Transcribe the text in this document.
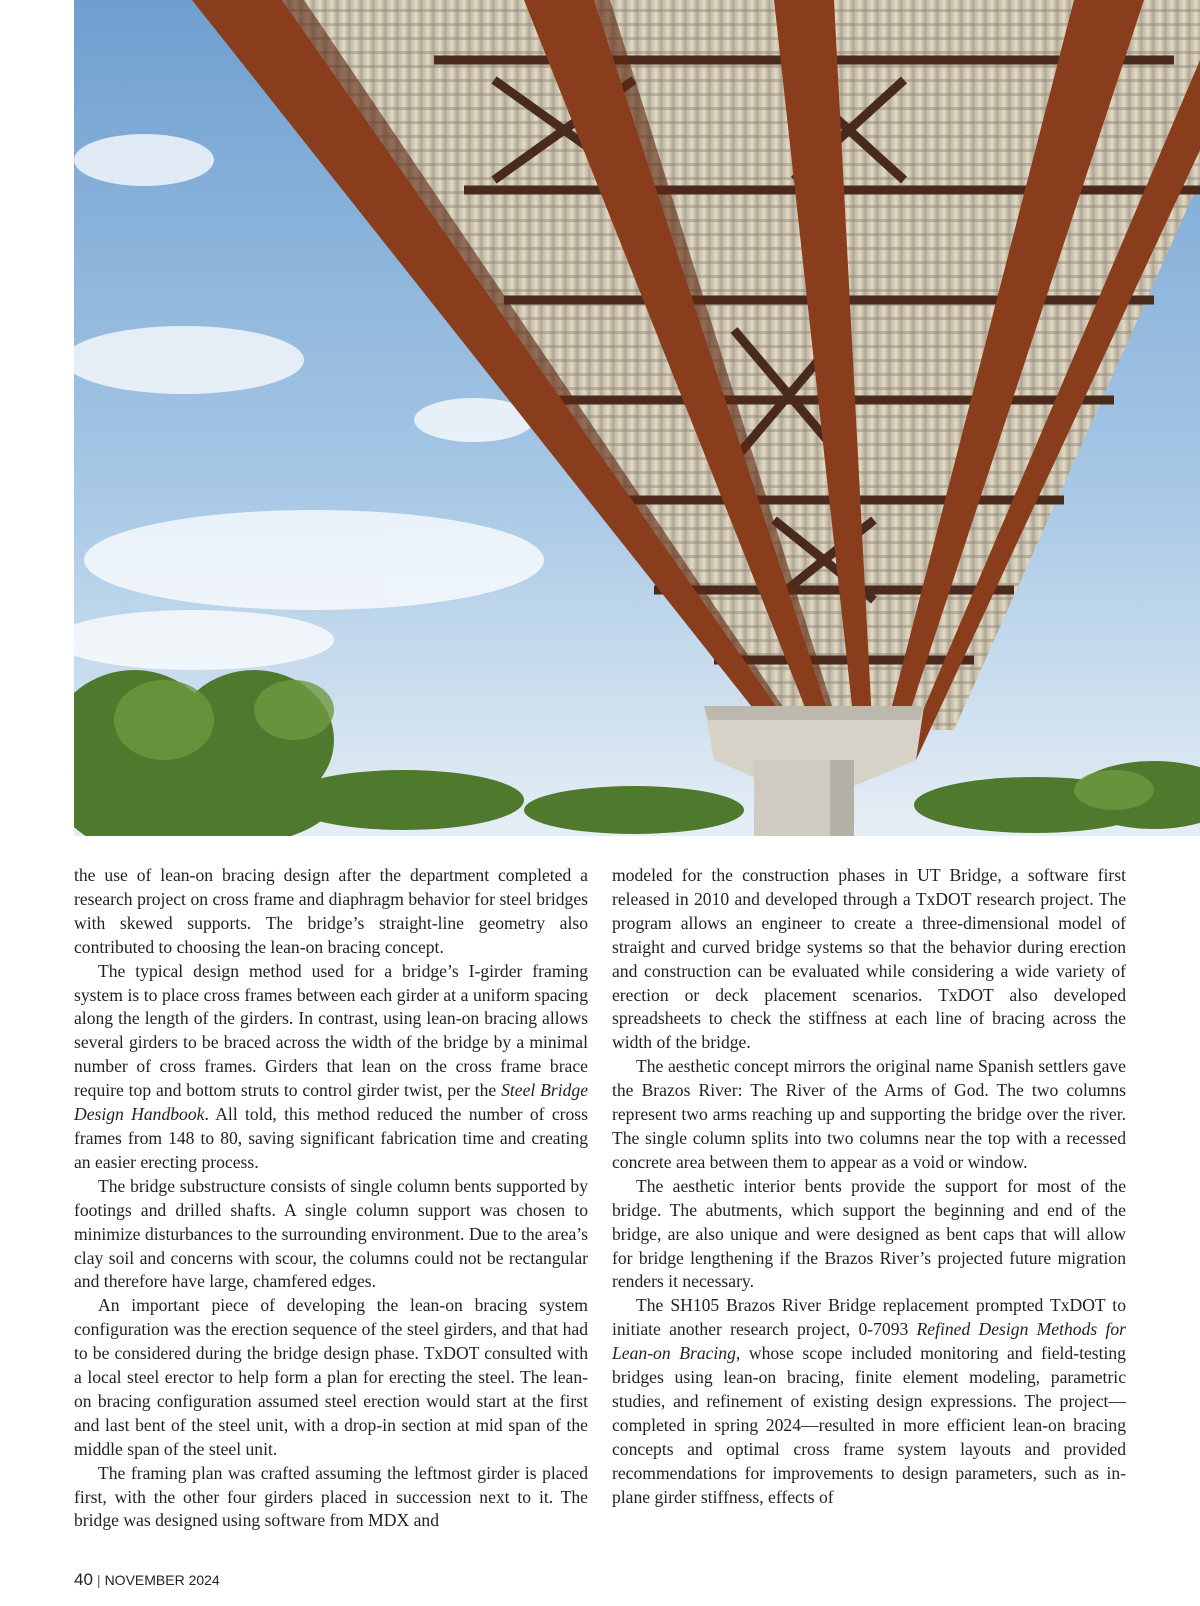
the use of lean-on bracing design after the department completed a research project on cross frame and diaphragm behavior for steel bridges with skewed supports. The bridge’s straight-line geometry also contributed to choosing the lean-on bracing concept.

The typical design method used for a bridge’s I-girder framing system is to place cross frames between each girder at a uniform spacing along the length of the girders. In contrast, using lean-on bracing allows several girders to be braced across the width of the bridge by a minimal number of cross frames. Girders that lean on the cross frame brace require top and bottom struts to control girder twist, per the Steel Bridge Design Handbook. All told, this method reduced the number of cross frames from 148 to 80, saving significant fabrication time and creating an easier erecting process.

The bridge substructure consists of single column bents supported by footings and drilled shafts. A single column support was chosen to minimize disturbances to the surrounding environment. Due to the area’s clay soil and concerns with scour, the columns could not be rectangular and therefore have large, chamfered edges.

An important piece of developing the lean-on bracing system configuration was the erection sequence of the steel girders, and that had to be considered during the bridge design phase. TxDOT consulted with a local steel erector to help form a plan for erecting the steel. The lean-on bracing configuration assumed steel erection would start at the first and last bent of the steel unit, with a drop-in section at mid span of the middle span of the steel unit.

The framing plan was crafted assuming the leftmost girder is placed first, with the other four girders placed in succession next to it. The bridge was designed using software from MDX and

modeled for the construction phases in UT Bridge, a software first released in 2010 and developed through a TxDOT research project. The program allows an engineer to create a three-dimensional model of straight and curved bridge systems so that the behavior during erection and construction can be evaluated while considering a wide variety of erection or deck placement scenarios. TxDOT also developed spreadsheets to check the stiffness at each line of bracing across the width of the bridge.

The aesthetic concept mirrors the original name Spanish settlers gave the Brazos River: The River of the Arms of God. The two columns represent two arms reaching up and supporting the bridge over the river. The single column splits into two columns near the top with a recessed concrete area between them to appear as a void or window.

The aesthetic interior bents provide the support for most of the bridge. The abutments, which support the beginning and end of the bridge, are also unique and were designed as bent caps that will allow for bridge lengthening if the Brazos River’s projected future migration renders it necessary.

The SH105 Brazos River Bridge replacement prompted TxDOT to initiate another research project, 0-7093 Refined Design Methods for Lean-on Bracing, whose scope included monitoring and field-testing bridges using lean-on bracing, finite element modeling, parametric studies, and refinement of existing design expressions. The project—completed in spring 2024—resulted in more efficient lean-on bracing concepts and optimal cross frame system layouts and provided recommendations for improvements to design parameters, such as in-plane girder stiffness, effects of

40 | NOVEMBER 2024
